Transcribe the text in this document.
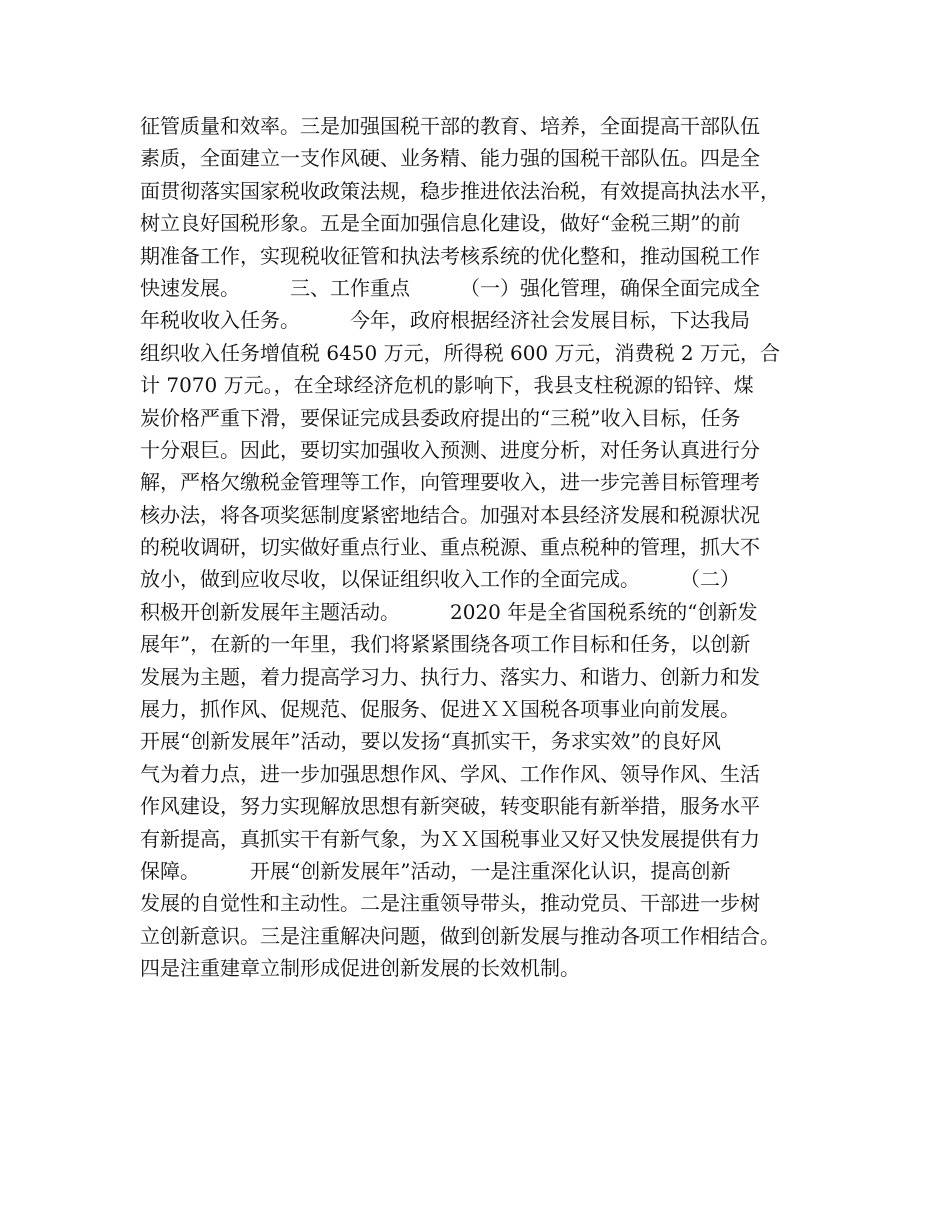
征管质量和效率。三是加强国税干部的教育、培养，全面提高干部队伍
素质，全面建立一支作风硬、业务精、能力强的国税干部队伍。四是全
面贯彻落实国家税收政策法规，稳步推进依法治税，有效提高执法水平，
树立良好国税形象。五是全面加强信息化建设，做好“金税三期”的前
期准备工作，实现税收征管和执法考核系统的优化整和，推动国税工作
快速发展。　　　三、工作重点　　　（一）强化管理，确保全面完成全
年税收收入任务。　　　今年，政府根据经济社会发展目标，下达我局
组织收入任务增值税 6450 万元，所得税 600 万元，消费税 2 万元，合
计 7070 万元。，在全球经济危机的影响下，我县支柱税源的铅锌、煤
炭价格严重下滑，要保证完成县委政府提出的“三税”收入目标，任务
十分艰巨。因此，要切实加强收入预测、进度分析，对任务认真进行分
解，严格欠缴税金管理等工作，向管理要收入，进一步完善目标管理考
核办法，将各项奖惩制度紧密地结合。加强对本县经济发展和税源状况
的税收调研，切实做好重点行业、重点税源、重点税种的管理，抓大不
放小，做到应收尽收，以保证组织收入工作的全面完成。　　　（二）
积极开创新发展年主题活动。　　　2020 年是全省国税系统的“创新发
展年”，在新的一年里，我们将紧紧围绕各项工作目标和任务，以创新
发展为主题，着力提高学习力、执行力、落实力、和谐力、创新力和发
展力，抓作风、促规范、促服务、促进ＸＸ国税各项事业向前发展。
开展“创新发展年”活动，要以发扬“真抓实干，务求实效”的良好风
气为着力点，进一步加强思想作风、学风、工作作风、领导作风、生活
作风建设，努力实现解放思想有新突破，转变职能有新举措，服务水平
有新提高，真抓实干有新气象，为ＸＸ国税事业又好又快发展提供有力
保障。　　　开展“创新发展年”活动，一是注重深化认识，提高创新
发展的自觉性和主动性。二是注重领导带头，推动党员、干部进一步树
立创新意识。三是注重解决问题，做到创新发展与推动各项工作相结合。
四是注重建章立制形成促进创新发展的长效机制。
